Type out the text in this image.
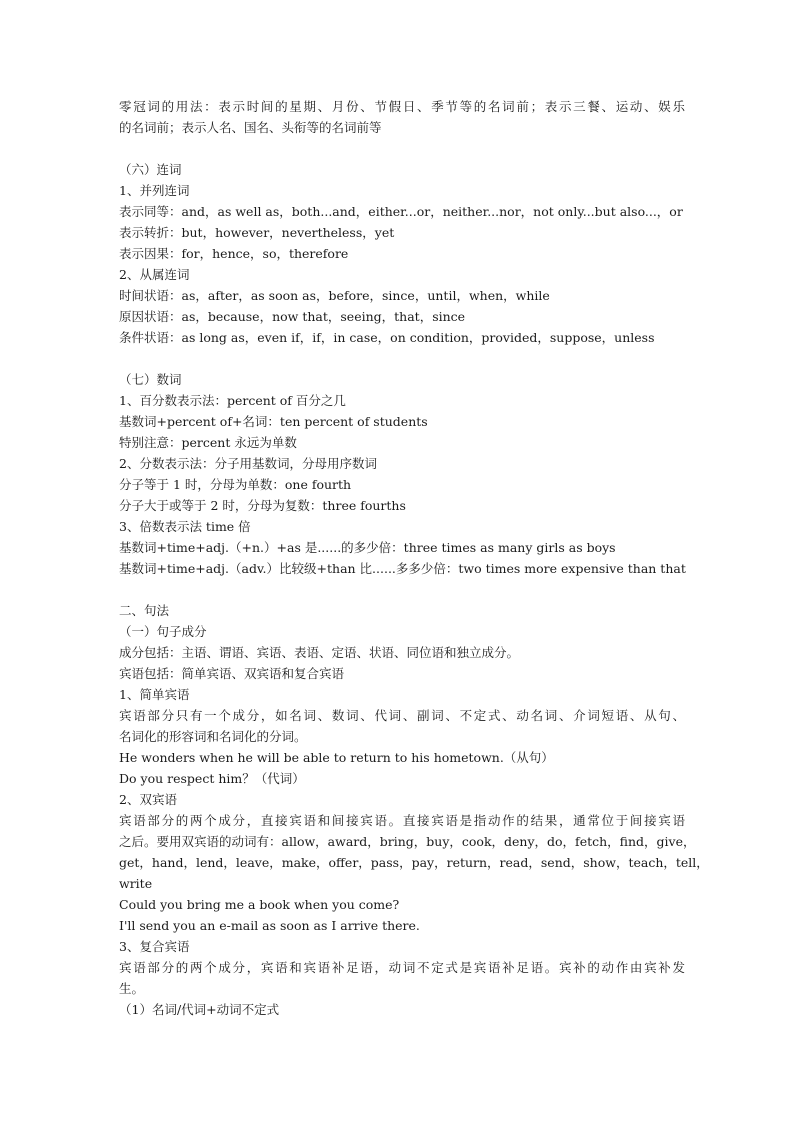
零冠词的用法：表示时间的星期、月份、节假日、季节等的名词前；表示三餐、运动、娱乐
的名词前；表示人名、国名、头衔等的名词前等
（六）连词
1、并列连词
表示同等：and，as well as，both...and，either...or，neither...nor，not only...but also...，or
表示转折：but，however，nevertheless，yet
表示因果：for，hence，so，therefore
2、从属连词
时间状语：as，after，as soon as，before，since，until，when，while
原因状语：as，because，now that，seeing，that，since
条件状语：as long as，even if，if，in case，on condition，provided，suppose，unless
（七）数词
1、百分数表示法：percent of 百分之几
基数词+percent of+名词：ten percent of students
特别注意：percent 永远为单数
2、分数表示法：分子用基数词，分母用序数词
分子等于 1 时，分母为单数：one fourth
分子大于或等于 2 时，分母为复数：three fourths
3、倍数表示法 time 倍
基数词+time+adj.（+n.）+as 是......的多少倍：three times as many girls as boys
基数词+time+adj.（adv.）比较级+than 比......多多少倍：two times more expensive than that
二、句法
（一）句子成分
成分包括：主语、谓语、宾语、表语、定语、状语、同位语和独立成分。
宾语包括：简单宾语、双宾语和复合宾语
1、简单宾语
宾语部分只有一个成分，如名词、数词、代词、副词、不定式、动名词、介词短语、从句、
名词化的形容词和名词化的分词。
He wonders when he will be able to return to his hometown.（从句）
Do you respect him？（代词）
2、双宾语
宾语部分的两个成分，直接宾语和间接宾语。直接宾语是指动作的结果，通常位于间接宾语
之后。要用双宾语的动词有：allow，award，bring，buy，cook，deny，do，fetch，find，give，
get，hand，lend，leave，make，offer，pass，pay，return，read，send，show，teach，tell，
write
Could you bring me a book when you come?
I'll send you an e-mail as soon as I arrive there.
3、复合宾语
宾语部分的两个成分，宾语和宾语补足语，动词不定式是宾语补足语。宾补的动作由宾补发
生。
（1）名词/代词+动词不定式
